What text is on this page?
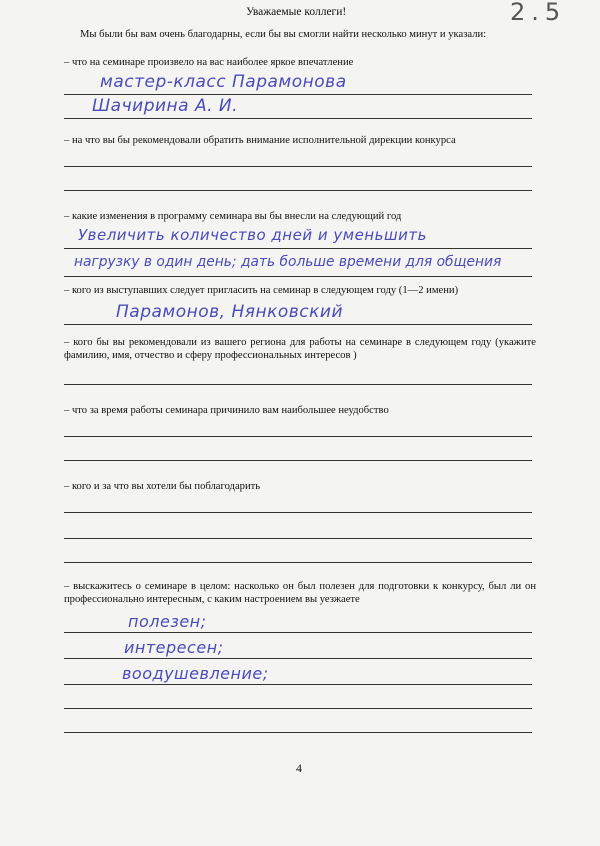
Уважаемые коллеги!	2.5
Мы были бы вам очень благодарны, если бы вы смогли найти несколько минут и указали:
– что на семинаре произвело на вас наиболее яркое впечатление
мастер-класс Парамонова
Шачирина А. И.
– на что вы бы рекомендовали обратить внимание исполнительной дирекции конкурса
– какие изменения в программу семинара вы бы внесли на следующий год
Увеличить количество дней и уменьшить
нагрузку в один день; дать больше времени для общения
– кого из выступавших следует пригласить на семинар в следующем году (1—2 имени)
Парамонов, Нянковский
– кого бы вы рекомендовали из вашего региона для работы на семинаре в следующем году (укажите фамилию, имя, отчество и сферу профессиональных интересов )
– что за время работы семинара причинило вам наибольшее неудобство
– кого и за что вы хотели бы поблагодарить
– выскажитесь о семинаре в целом: насколько он был полезен для подготовки к конкурсу, был ли он профессионально интересным, с каким настроением вы уезжаете
полезен;
интересен;
воодушевление;
4
